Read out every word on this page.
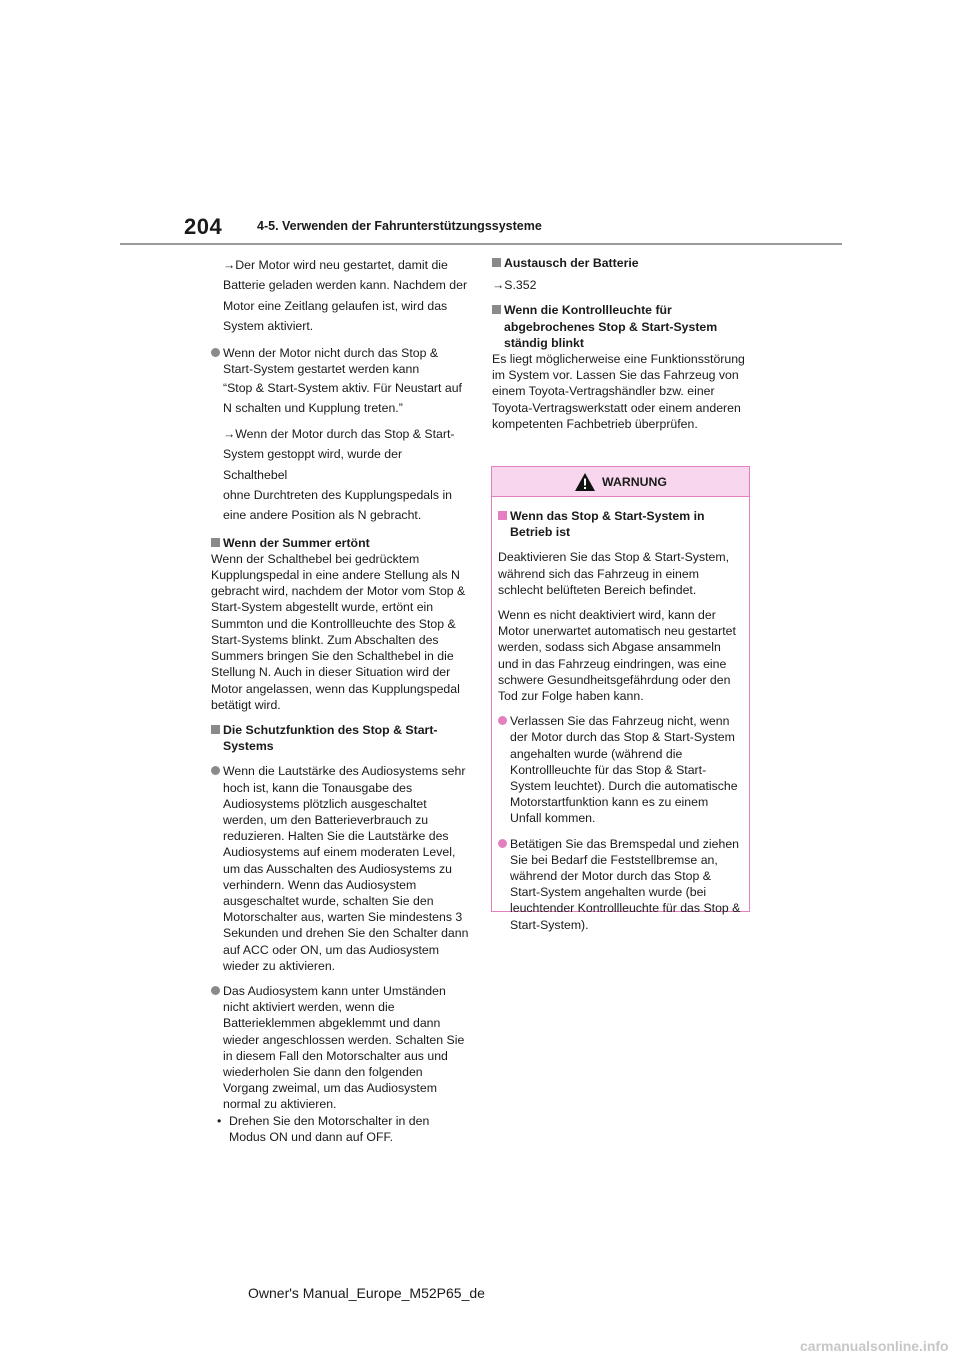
204	4-5. Verwenden der Fahrunterstützungssysteme

→Der Motor wird neu gestartet, damit die

Batterie geladen werden kann. Nachdem der

Motor eine Zeitlang gelaufen ist, wird das

System aktiviert.

Wenn der Motor nicht durch das Stop & Start-System gestartet werden kann

“Stop & Start-System aktiv. Für Neustart auf

N schalten und Kupplung treten.”

→Wenn der Motor durch das Stop & Start-

System gestoppt wird, wurde der Schalthebel

ohne Durchtreten des Kupplungspedals in

eine andere Position als N gebracht.

Wenn der Summer ertönt

Wenn der Schalthebel bei gedrücktem Kupplungspedal in eine andere Stellung als N gebracht wird, nachdem der Motor vom Stop & Start-System abgestellt wurde, ertönt ein Summton und die Kontrollleuchte des Stop & Start-Systems blinkt. Zum Abschalten des Summers bringen Sie den Schalthebel in die Stellung N. Auch in dieser Situation wird der Motor angelassen, wenn das Kupplungspedal betätigt wird.

Die Schutzfunktion des Stop & Start-Systems

Wenn die Lautstärke des Audiosystems sehr hoch ist, kann die Tonausgabe des Audiosystems plötzlich ausgeschaltet werden, um den Batterieverbrauch zu reduzieren. Halten Sie die Lautstärke des Audiosystems auf einem moderaten Level, um das Ausschalten des Audiosystems zu verhindern. Wenn das Audiosystem ausgeschaltet wurde, schalten Sie den Motorschalter aus, warten Sie mindestens 3 Sekunden und drehen Sie den Schalter dann auf ACC oder ON, um das Audiosystem wieder zu aktivieren.

Das Audiosystem kann unter Umständen nicht aktiviert werden, wenn die Batterieklemmen abgeklemmt und dann wieder angeschlossen werden. Schalten Sie in diesem Fall den Motorschalter aus und wiederholen Sie dann den folgenden Vorgang zweimal, um das Audiosystem normal zu aktivieren.

• Drehen Sie den Motorschalter in den Modus ON und dann auf OFF.

Austausch der Batterie

→S.352

Wenn die Kontrollleuchte für abgebrochenes Stop & Start-System ständig blinkt

Es liegt möglicherweise eine Funktionsstörung im System vor. Lassen Sie das Fahrzeug von einem Toyota-Vertragshändler bzw. einer Toyota-Vertragswerkstatt oder einem anderen kompetenten Fachbetrieb überprüfen.

WARNUNG

Wenn das Stop & Start-System in Betrieb ist

Deaktivieren Sie das Stop & Start-System, während sich das Fahrzeug in einem schlecht belüfteten Bereich befindet.

Wenn es nicht deaktiviert wird, kann der Motor unerwartet automatisch neu gestartet werden, sodass sich Abgase ansammeln und in das Fahrzeug eindringen, was eine schwere Gesundheitsgefährdung oder den Tod zur Folge haben kann.

Verlassen Sie das Fahrzeug nicht, wenn der Motor durch das Stop & Start-System angehalten wurde (während die Kontrollleuchte für das Stop & Start-System leuchtet). Durch die automatische Motorstartfunktion kann es zu einem Unfall kommen.

Betätigen Sie das Bremspedal und ziehen Sie bei Bedarf die Feststellbremse an, während der Motor durch das Stop & Start-System angehalten wurde (bei leuchtender Kontrollleuchte für das Stop & Start-System).

Owner's Manual_Europe_M52P65_de
carmanualsonline.info
